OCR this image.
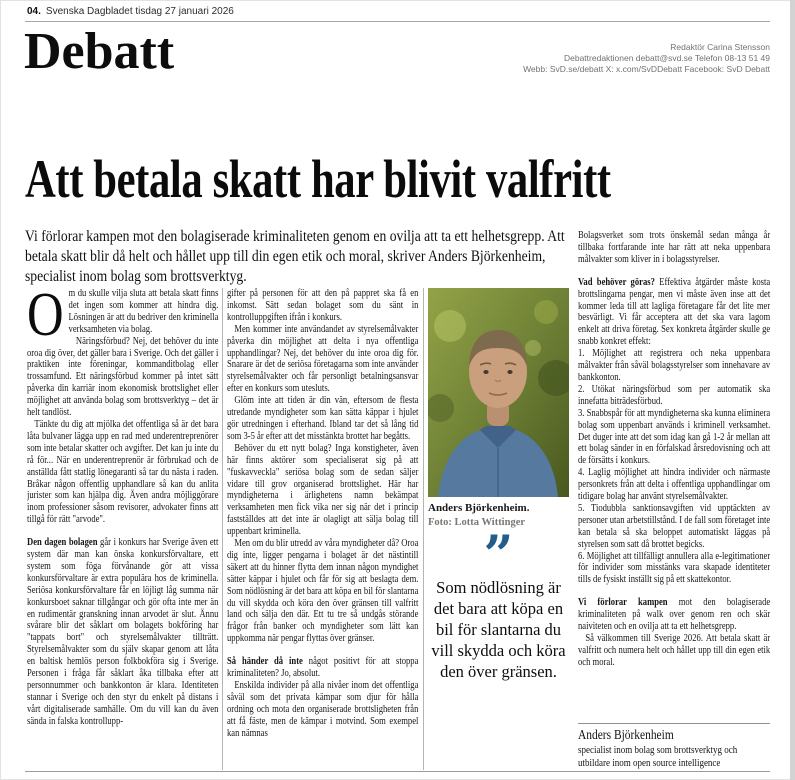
04. Svenska Dagbladet tisdag 27 januari 2026
Debatt	Redaktör Carina Stensson
Debattredaktionen debatt@svd.se Telefon 08-13 51 49
Webb: SvD.se/debatt X: x.com/SvDDebatt Facebook: SvD Debatt
Att betala skatt har blivit valfritt
Vi förlorar kampen mot den bolagiserade kriminaliteten genom en ovilja att ta ett helhetsgrepp. Att betala skatt blir då helt och hållet upp till din egen etik och moral, skriver Anders Björkenheim, specialist inom bolag som brottsverktyg.

Om du skulle vilja sluta att betala skatt finns det ingen som kommer att hindra dig. Lösningen är att du bedriver den kriminella verksamheten via bolag.

Näringsförbud? Nej, det behöver du inte oroa dig över, det gäller bara i Sverige. Och det gäller i praktiken inte föreningar, kommanditbolag eller trossamfund. Ett näringsförbud kommer på intet sätt påverka din karriär inom ekonomisk brottslighet eller möjlighet att använda bolag som brottsverktyg – det är helt tandlöst.

Tänkte du dig att mjölka det offentliga så är det bara låta bulvaner lägga upp en rad med underentreprenörer som inte betalar skatter och avgifter. Det kan ju inte du rå för... När en underentreprenör är förbrukad och de anställda fått statlig lönegaranti så tar du nästa i raden. Bråkar någon offentlig upphandlare så kan du anlita jurister som kan hjälpa dig. Även andra möjliggörare inom professioner såsom revisorer, advokater finns att tillgå för rätt "arvode".

Den dagen bolagen går i konkurs har Sverige även ett system där man kan önska konkursförvaltare, ett system som föga förvånande gör att vissa konkursförvaltare är extra populära hos de kriminella. Seriösa konkursförvaltare får en löjligt låg summa när konkursboet saknar tillgångar och gör ofta inte mer än en rudimentär granskning innan arvodet är slut. Ännu svårare blir det såklart om bolagets bokföring har "tappats bort" och styrelsemålvakter tillträtt. Styrelsemålvakter som du själv skapar genom att låta en baltisk hemlös person folkbokföra sig i Sverige. Personen i fråga får såklart åka tillbaka efter att personnummer och bankkonton är klara. Identiteten stannar i Sverige och den styr du enkelt på distans i vårt digitaliserade samhälle. Om du vill kan du även sända in falska kontrollupp-

gifter på personen för att den på pappret ska få en inkomst. Sätt sedan bolaget som du sänt in kontrolluppgiften ifrån i konkurs.

Men kommer inte användandet av styrelsemålvakter påverka din möjlighet att delta i nya offentliga upphandlingar? Nej, det behöver du inte oroa dig för. Snarare är det de seriösa företagarna som inte använder styrelsemålvakter och får personligt betalningsansvar efter en konkurs som utesluts.

Glöm inte att tiden är din vän, eftersom de flesta utredande myndigheter som kan sätta käppar i hjulet gör utredningen i efterhand. Ibland tar det så lång tid som 3-5 år efter att det misstänkta brottet har begåtts.

Behöver du ett nytt bolag? Inga konstigheter, även här finns aktörer som specialiserat sig på att "fuskavveckla" seriösa bolag som de sedan säljer vidare till grov organiserad brottslighet. Här har myndigheterna i ärlighetens namn bekämpat verksamheten men fick vika ner sig när det i princip fastställdes att det inte är olagligt att sälja bolag till uppenbart kriminella.

Men om du blir utredd av våra myndigheter då? Oroa dig inte, ligger pengarna i bolaget är det nästintill säkert att du hinner flytta dem innan någon myndighet sätter käppar i hjulet och får för sig att beslagta dem. Som nödlösning är det bara att köpa en bil för slantarna du vill skydda och köra den över gränsen till valfritt land och sälja den där. Ett tu tre så undgås störande frågor från banker och myndigheter som lätt kan uppkomma när pengar flyttas över gränser.

Så händer då inte något positivt för att stoppa kriminaliteten? Jo, absolut.

Enskilda individer på alla nivåer inom det offentliga såväl som det privata kämpar som djur för hålla ordning och mota den organiserade brottsligheten från att få fäste, men de kämpar i motvind. Som exempel kan nämnas

Anders Björkenheim.
Foto: Lotta Wittinger
”
Som nödlösning är det bara att köpa en bil för slantarna du vill skydda och köra den över gränsen.

Bolagsverket som trots önskemål sedan många år tillbaka fortfarande inte har rätt att neka uppenbara målvakter som kliver in i bolagsstyrelser.

Vad behöver göras? Effektiva åtgärder måste kosta brottslingarna pengar, men vi måste även inse att det kommer leda till att lagliga företagare får det lite mer besvärligt. Vi får acceptera att det ska vara lagom enkelt att driva företag. Sex konkreta åtgärder skulle ge snabb konkret effekt:

1. Möjlighet att registrera och neka uppenbara målvakter från såväl bolagsstyrelser som innehavare av bankkonton.

2. Utökat näringsförbud som per automatik ska innefatta biträdesförbud.

3. Snabbspår för att myndigheterna ska kunna eliminera bolag som uppenbart används i kriminell verksamhet. Det duger inte att det som idag kan gå 1-2 år mellan att ett bolag sänder in en förfalskad årsredovisning och att de försätts i konkurs.

4. Laglig möjlighet att hindra individer och närmaste personkrets från att delta i offentliga upphandlingar om tidigare bolag har använt styrelsemålvakter.

5. Tiodubbla sanktionsavgiften vid upptäckten av personer utan arbetstillstånd. I de fall som företaget inte kan betala så ska beloppet automatiskt läggas på styrelsen som satt då brottet begicks.

6. Möjlighet att tillfälligt annullera alla e-legitimationer för individer som misstänks vara skapade identiteter tills de fysiskt inställt sig på ett skattekontor.

Vi förlorar kampen mot den bolagiserade kriminaliteten på walk over genom ren och skär naiviteten och en ovilja att ta ett helhetsgrepp.

Så välkommen till Sverige 2026. Att betala skatt är valfritt och numera helt och hållet upp till din egen etik och moral.

Anders Björkenheim
specialist inom bolag som brottsverktyg och utbildare inom open source intelligence
